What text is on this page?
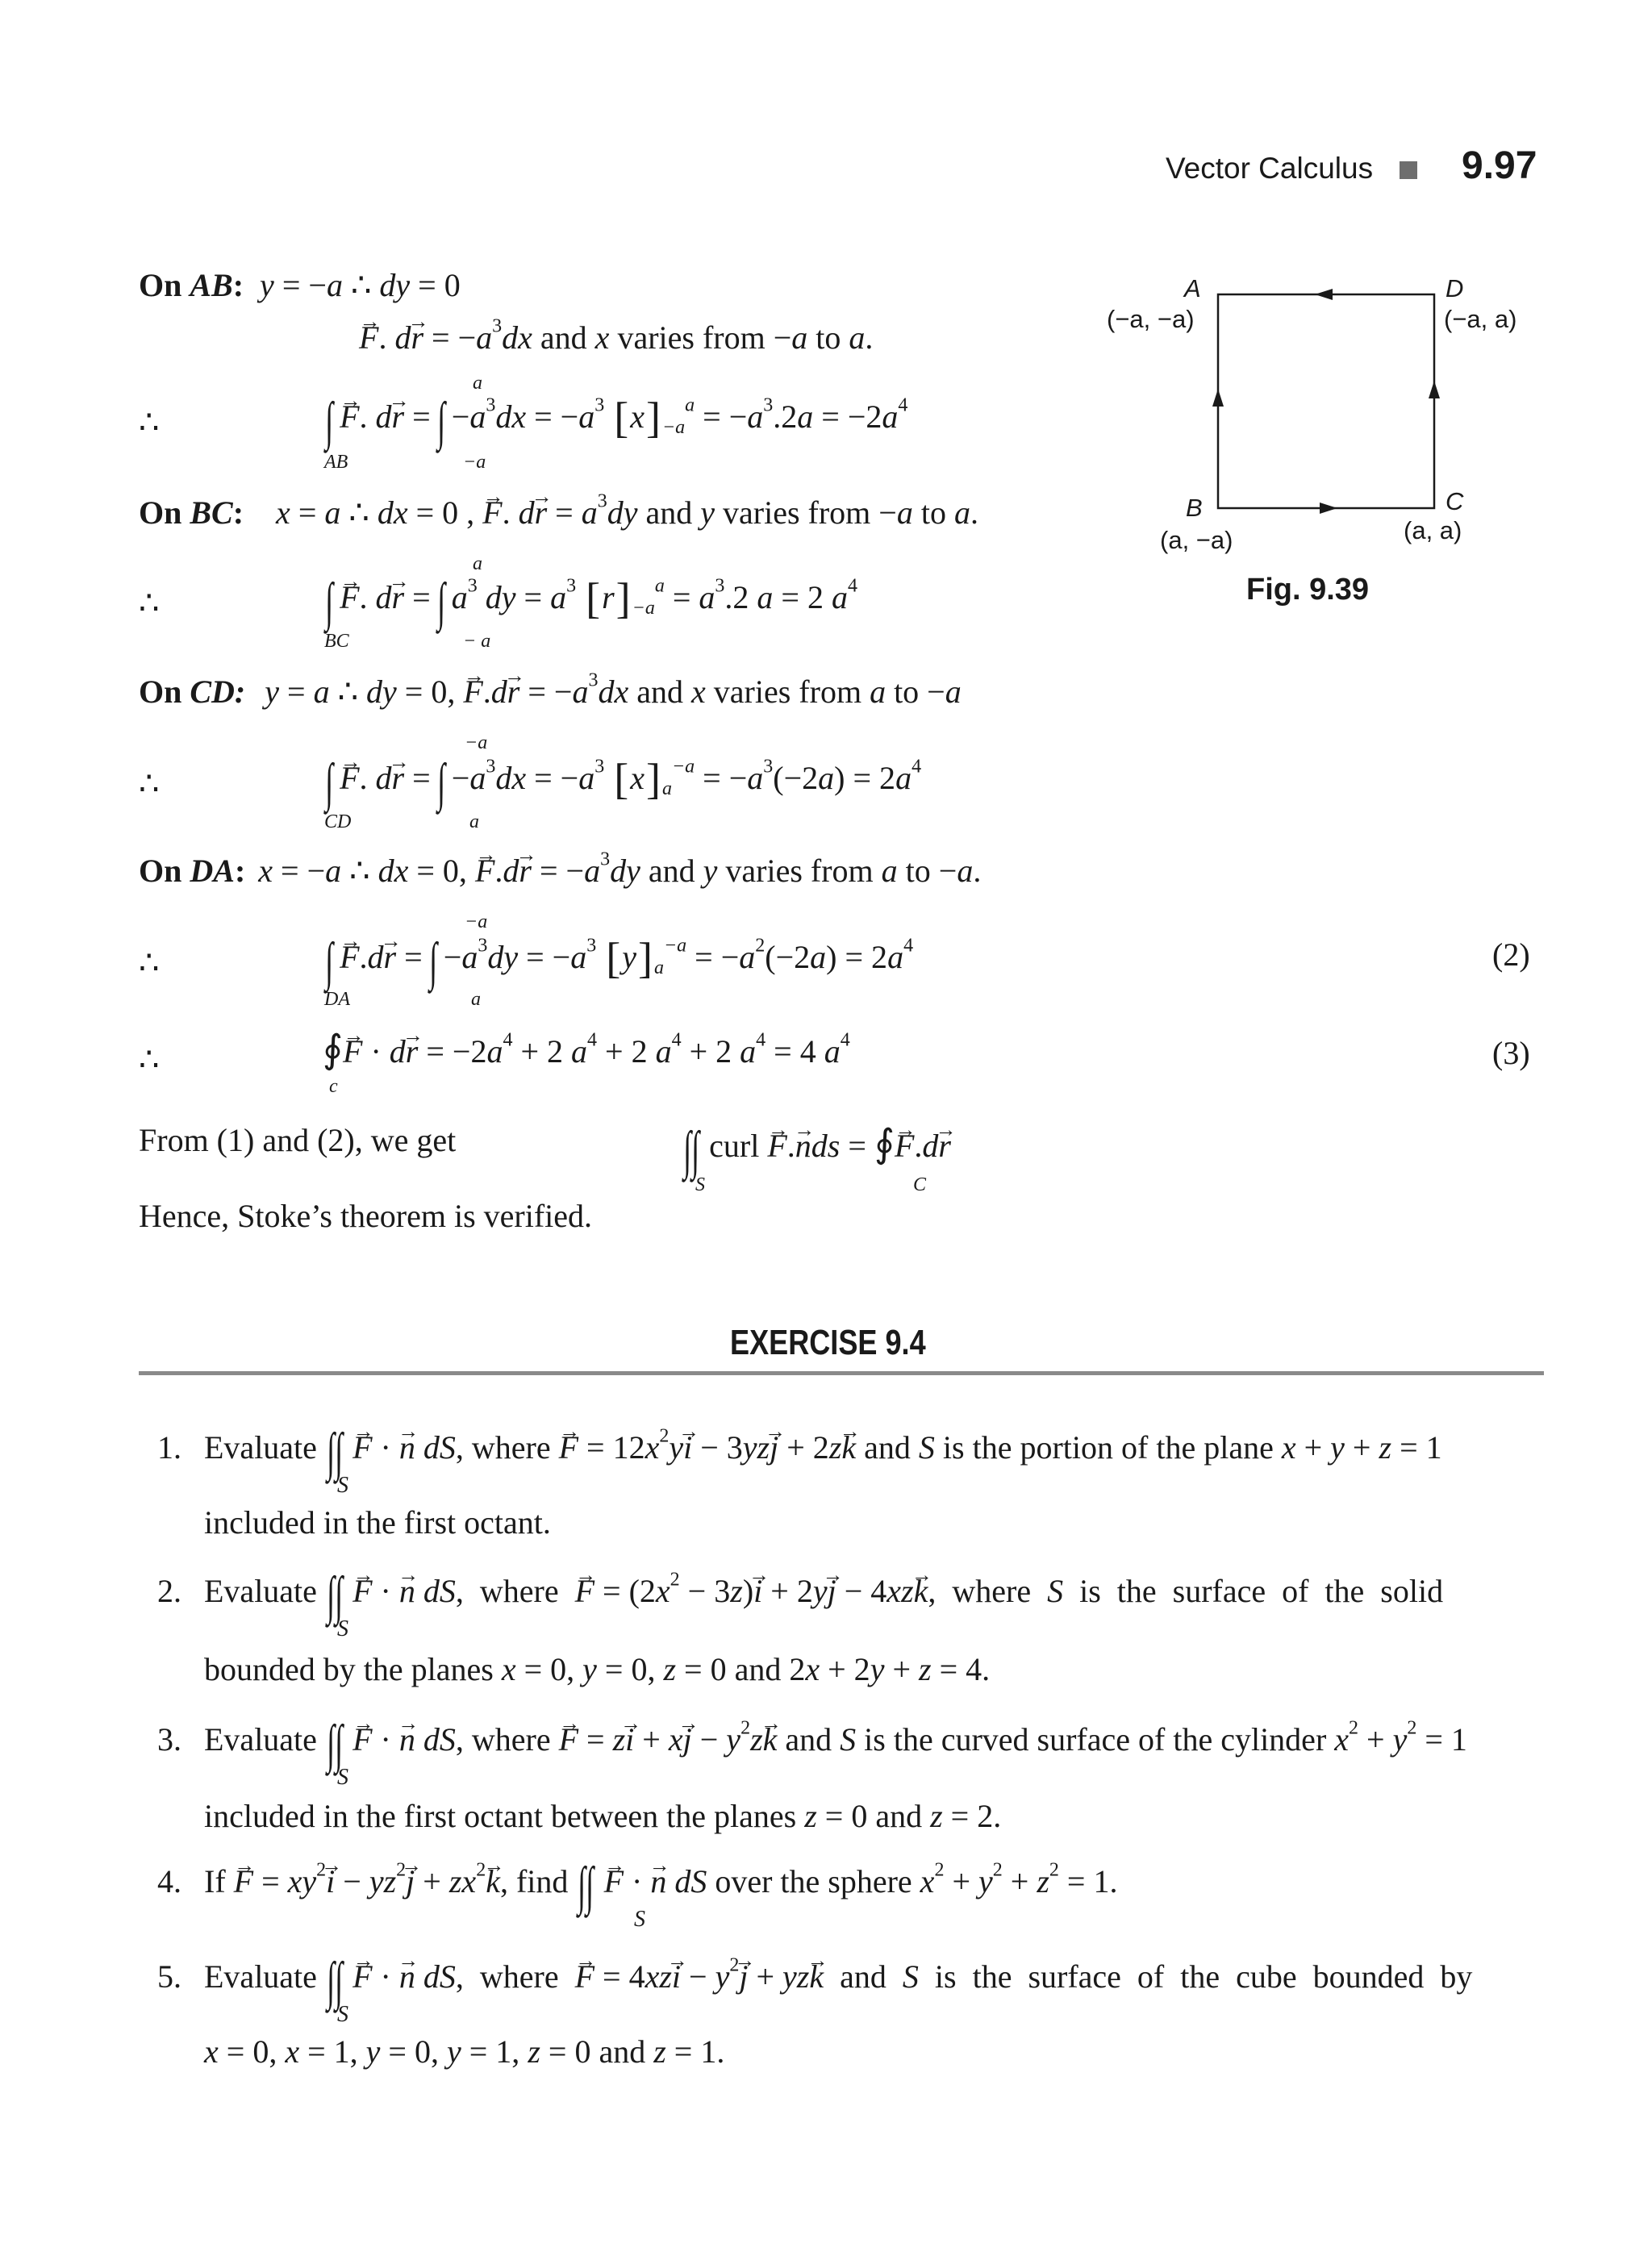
Vector Calculus 9.97
On AB: y = −a ∴ dy = 0
→ F. $d\to r = -a^3dx$ and x varies from −a to a.
∴	∫ → F. d→ r = ∫ $-a^3dx = -a^3$ $[x]_{-a}^a = -a^3.2a = -2a^4$
AB	−a
a
On BC: x = a ∴ dx = 0 , → F. $d\to r = a^3dy$ and y varies from −a to a.
∴	∫ → F. d→ r = ∫ $a^3$ dy = $a^3$ $[r]_{-a}^a = a^3.2$ a = 2 $a^4$
BC	− a
a
On CD: y = a ∴ dy = 0, → $F.d\to r = -a^3dx$ and x varies from a to −a
∴	∫ → F. d→ r = ∫ $-a^3dx = -a^3$ $[x]_a^{-a} = -a^3(-2a) = 2a^4$
CD	a
−a
On DA: x = −a ∴ dx = 0, → $F.d\to r = -a^3dy$ and y varies from a to −a.
∴	∫ → F.d→ r = ∫ $-a^3dy = -a^3$ $[y]_a^{-a} = -a^2(-2a) = 2a^4$
DA	a
−a
(2)
∴	∮→ $F \cdot d\to r = -2a^4 + 2$ $a^4 + 2$ $a^4 + 2$ $a^4 = 4$ $a^4$
c
(3)
From (1) and (2), we get	∫∫ curl → F.→ nds = ∮→ F.d→ r
S	C
Hence, Stoke’s theorem is verified.
A
(−a, −a)
D
(−a, a)
B
(a, −a)
C
(a, a)
Fig. 9.39
EXERCISE 9.4
1. Evaluate ∫∫ → F · → n dS, where → $F = 12x^2y\to i - 3yz\to j + 2z\to k$ and S is the portion of the plane x + y + z = 1
S
included in the first octant.
2. Evaluate ∫∫ → F · → n dS,  where  → $F = (2x^2 - 3z)\to i + 2y\to j - 4xz\to k$,  where  S  is  the  surface  of  the  solid
S
bounded by the planes x = 0, y = 0, z = 0 and 2x + 2y + z = 4.
3. Evaluate ∫∫ → F · → n dS, where → $F = z\to i + x\to j - y^2z\to k$ and S is the curved surface of the cylinder $x^2 + y^2 = 1$
S
included in the first octant between the planes z = 0 and z = 2.
4. $If \to F = xy^2\to i - yz^2\to j + zx^2\to k$, find ∫∫ → F · → n dS over the sphere $x^2 + y^2 + z^2 = 1$.
S
5. Evaluate ∫∫ → F · → n dS,  where  → $F = 4xz\to i - y^2\to j + yz\to k$  and  S  is  the  surface  of  the  cube  bounded  by
S
x = 0, x = 1, y = 0, y = 1, z = 0 and z = 1.
